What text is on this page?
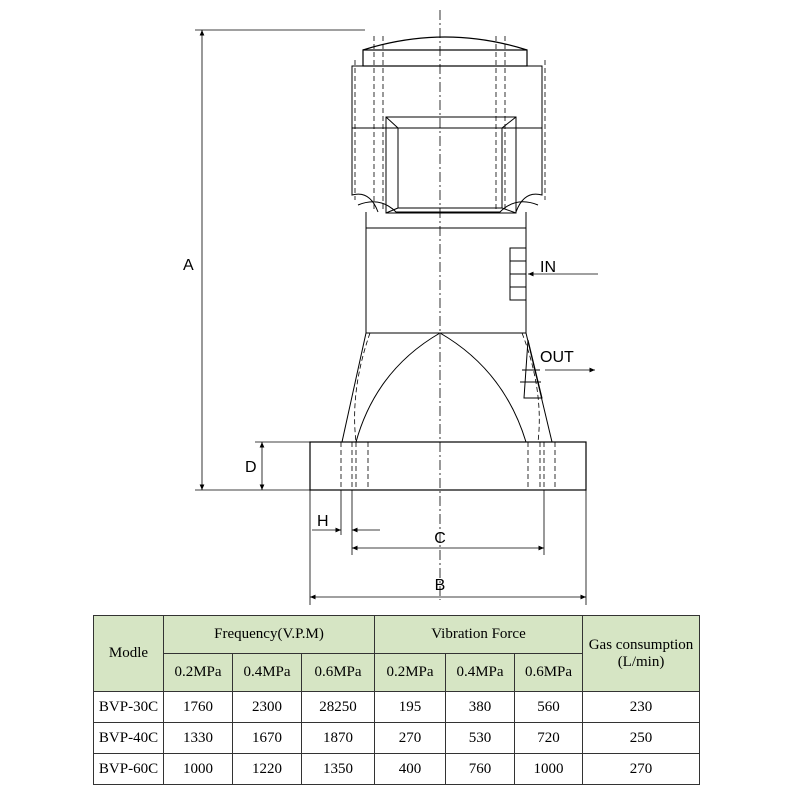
A
D
H
C
B
IN
OUT
Modle	Frequency(V.P.M)			Vibration Force			Gas consumption (L/min)
	0.2MPa	0.4MPa	0.6MPa	0.2MPa	0.4MPa	0.6MPa	
BVP-30C	1760	2300	28250	195	380	560	230
BVP-40C	1330	1670	1870	270	530	720	250
BVP-60C	1000	1220	1350	400	760	1000	270
